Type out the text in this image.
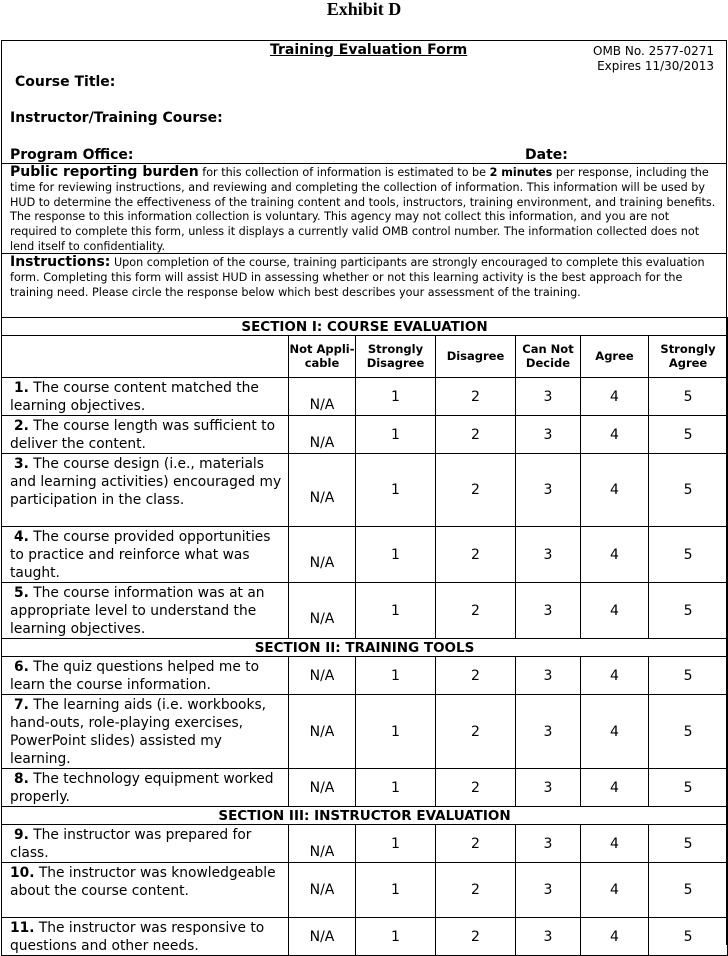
Exhibit D
Training Evaluation Form	OMB No. 2577-0271
Expires 11/30/2013
Course Title:
Instructor/Training Course:
Program Office:	Date:
Public reporting burden for this collection of information is estimated to be 2 minutes per response, including the time for reviewing instructions, and reviewing and completing the collection of information. This information will be used by HUD to determine the effectiveness of the training content and tools, instructors, training environment, and training benefits. The response to this information collection is voluntary. This agency may not collect this information, and you are not required to complete this form, unless it displays a currently valid OMB control number. The information collected does not lend itself to confidentiality.
Instructions: Upon completion of the course, training participants are strongly encouraged to complete this evaluation form. Completing this form will assist HUD in assessing whether or not this learning activity is the best approach for the training need. Please circle the response below which best describes your assessment of the training.
SECTION I: COURSE EVALUATION						
	Not Appli- cable	Strongly Disagree	Disagree	Can Not Decide	Agree	Strongly Agree
1. The course content matched the learning objectives.	N/A	1	2	3	4	5
2. The course length was sufficient to deliver the content.	N/A	1	2	3	4	5
3. The course design (i.e., materials and learning activities) encouraged my participation in the class.	N/A	1	2	3	4	5
4. The course provided opportunities to practice and reinforce what was taught.	N/A	1	2	3	4	5
5. The course information was at an appropriate level to understand the learning objectives.	N/A	1	2	3	4	5
SECTION II: TRAINING TOOLS						
6. The quiz questions helped me to learn the course information.	N/A	1	2	3	4	5
7. The learning aids (i.e. workbooks, hand-outs, role-playing exercises, PowerPoint slides) assisted my learning.	N/A	1	2	3	4	5
8. The technology equipment worked properly.	N/A	1	2	3	4	5
SECTION III: INSTRUCTOR EVALUATION						
9. The instructor was prepared for class.	N/A	1	2	3	4	5
10. The instructor was knowledgeable about the course content.	N/A	1	2	3	4	5
11. The instructor was responsive to questions and other needs.	N/A	1	2	3	4	5
